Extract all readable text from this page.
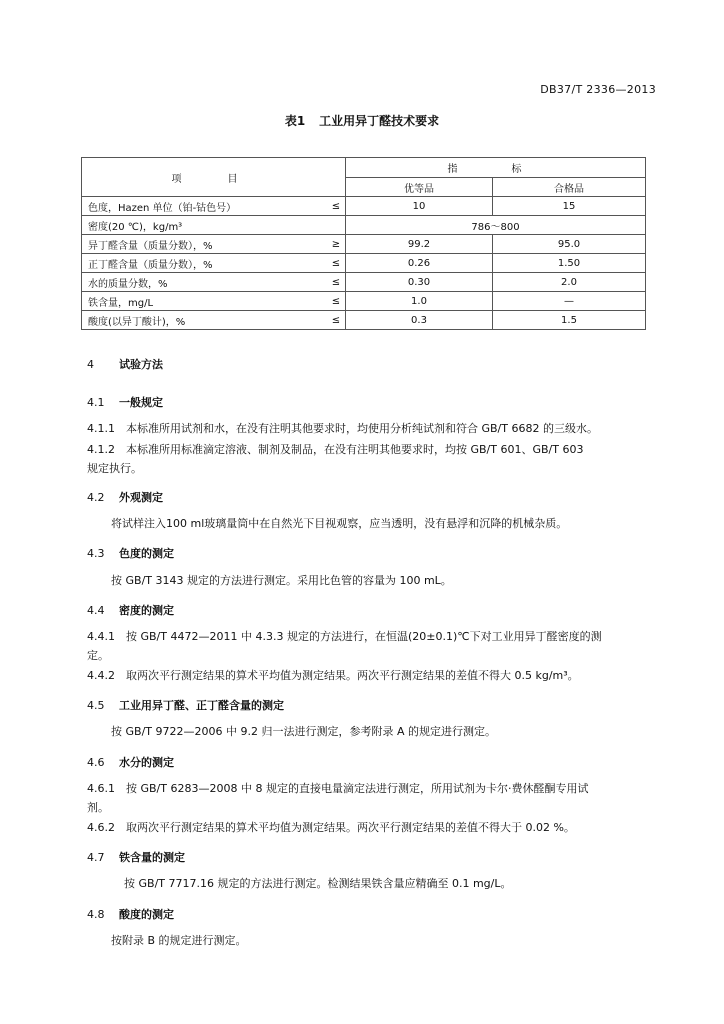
DB37/T 2336—2013
表1 工业用异丁醛技术要求
项　目		指　标	
		优等品	合格品
色度，Hazen 单位（铂-钴色号）	≤	10	15
密度(20 ℃)，kg/m³		786～800	
异丁醛含量（质量分数），%	≥	99.2	95.0
正丁醛含量（质量分数），%	≤	0.26	1.50
水的质量分数，%	≤	0.30	2.0
铁含量，mg/L	≤	1.0	—
酸度(以异丁酸计)，%	≤	0.3	1.5
4 试验方法
4.1 一般规定
4.1.1　本标准所用试剂和水，在没有注明其他要求时，均使用分析纯试剂和符合 GB/T 6682 的三级水。
4.1.2　本标准所用标准滴定溶液、制剂及制品，在没有注明其他要求时，均按 GB/T 601、GB/T 603
规定执行。
4.2 外观测定
将试样注入100 ml玻璃量筒中在自然光下目视观察，应当透明，没有悬浮和沉降的机械杂质。
4.3 色度的测定
按 GB/T 3143 规定的方法进行测定。采用比色管的容量为 100 mL。
4.4 密度的测定
4.4.1　按 GB/T 4472—2011 中 4.3.3 规定的方法进行，在恒温(20±0.1)℃下对工业用异丁醛密度的测
定。
4.4.2　取两次平行测定结果的算术平均值为测定结果。两次平行测定结果的差值不得大 0.5 kg/m³。
4.5 工业用异丁醛、正丁醛含量的测定
按 GB/T 9722—2006 中 9.2 归一法进行测定，参考附录 A 的规定进行测定。
4.6 水分的测定
4.6.1　按 GB/T 6283—2008 中 8 规定的直接电量滴定法进行测定，所用试剂为卡尔·费休醛酮专用试
剂。
4.6.2　取两次平行测定结果的算术平均值为测定结果。两次平行测定结果的差值不得大于 0.02 %。
4.7 铁含量的测定
按 GB/T 7717.16 规定的方法进行测定。检测结果铁含量应精确至 0.1 mg/L。
4.8 酸度的测定
按附录 B 的规定进行测定。
